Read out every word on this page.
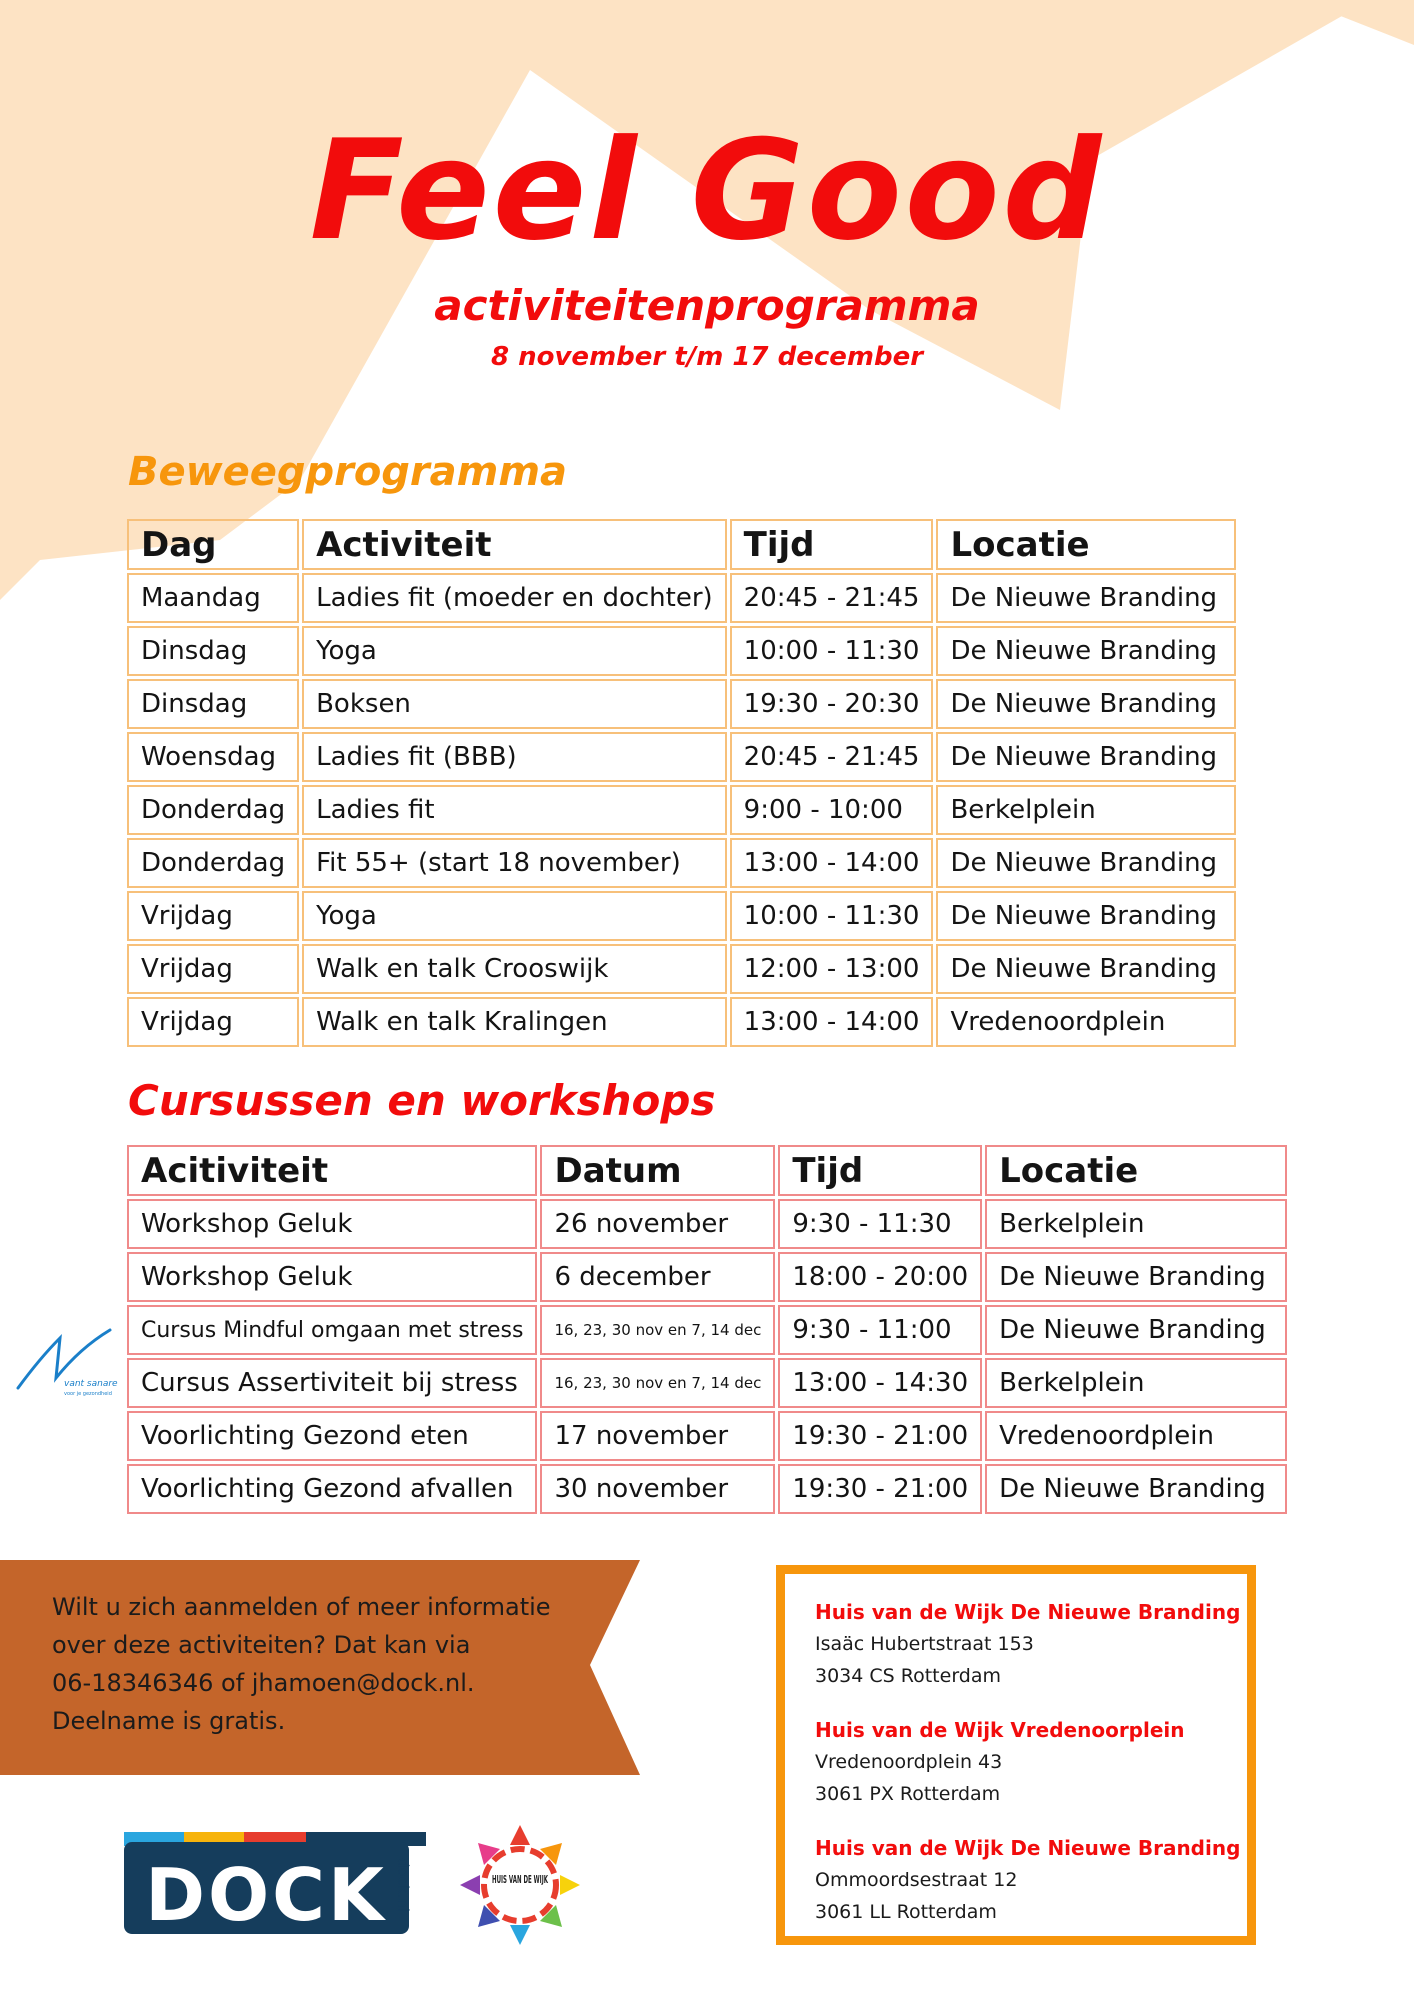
Feel Good
activiteitenprogramma
8 november t/m 17 december
Beweegprogramma
Dag	Activiteit	Tijd	Locatie
Maandag	Ladies fit (moeder en dochter)	20:45 - 21:45	De Nieuwe Branding
Dinsdag	Yoga	10:00 - 11:30	De Nieuwe Branding
Dinsdag	Boksen	19:30 - 20:30	De Nieuwe Branding
Woensdag	Ladies fit (BBB)	20:45 - 21:45	De Nieuwe Branding
Donderdag	Ladies fit	9:00 - 10:00	Berkelplein
Donderdag	Fit 55+ (start 18 november)	13:00 - 14:00	De Nieuwe Branding
Vrijdag	Yoga	10:00 - 11:30	De Nieuwe Branding
Vrijdag	Walk en talk Crooswijk	12:00 - 13:00	De Nieuwe Branding
Vrijdag	Walk en talk Kralingen	13:00 - 14:00	Vredenoordplein
Cursussen en workshops
Acitiviteit	Datum	Tijd	Locatie
Workshop Geluk	26 november	9:30 - 11:30	Berkelplein
Workshop Geluk	6 december	18:00 - 20:00	De Nieuwe Branding
Cursus Mindful omgaan met stress	16, 23, 30 nov en 7, 14 dec	9:30 - 11:00	De Nieuwe Branding
Cursus Assertiviteit bij stress	16, 23, 30 nov en 7, 14 dec	13:00 - 14:30	Berkelplein
Voorlichting Gezond eten	17 november	19:30 - 21:00	Vredenoordplein
Voorlichting Gezond afvallen	30 november	19:30 - 21:00	De Nieuwe Branding
vant sanare
voor je gezondheid
Wilt u zich aanmelden of meer informatie
over deze activiteiten? Dat kan via
06-18346346 of jhamoen@dock.nl.
Deelname is gratis.
Huis van de Wijk De Nieuwe Branding
Isaäc Hubertstraat 153
3034 CS Rotterdam
Huis van de Wijk Vredenoorplein
Vredenoordplein 43
3061 PX Rotterdam
Huis van de Wijk De Nieuwe Branding
Ommoordsestraat 12
3061 LL Rotterdam
DOCK dock.nl	HUIS VAN DE WIJK
